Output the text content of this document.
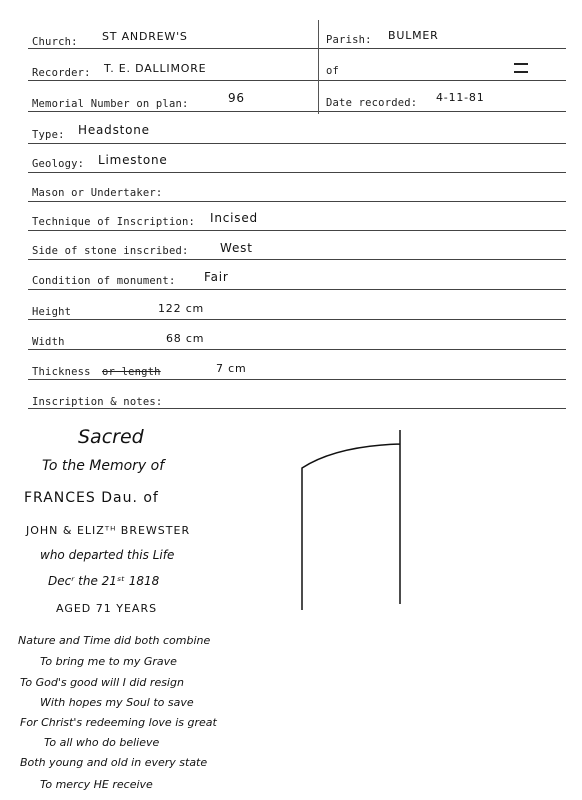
Church: ST ANDREW'S	Parish: BULMER
Recorder: T. E. DALLIMORE	of
Memorial Number on plan:	96	Date recorded: 4-11-81
Type: Headstone
Geology: Limestone
Mason or Undertaker:
Technique of Inscription: Incised
Side of stone inscribed:	West
Condition of monument: Fair
Height	122 cm
Width	68 cm
Thickness or length	7 cm
Inscription & notes:
Sacred
To the Memory of
FRANCES Dau. of
JOHN & ELIZᵀᴴ BREWSTER
who departed this Life
Decʳ the 21ˢᵗ 1818
AGED 71 YEARS
Nature and Time did both combine
To bring me to my Grave
To God's good will I did resign
With hopes my Soul to save
For Christ's redeeming love is great
To all who do believe
Both young and old in every state
To mercy HE receive
